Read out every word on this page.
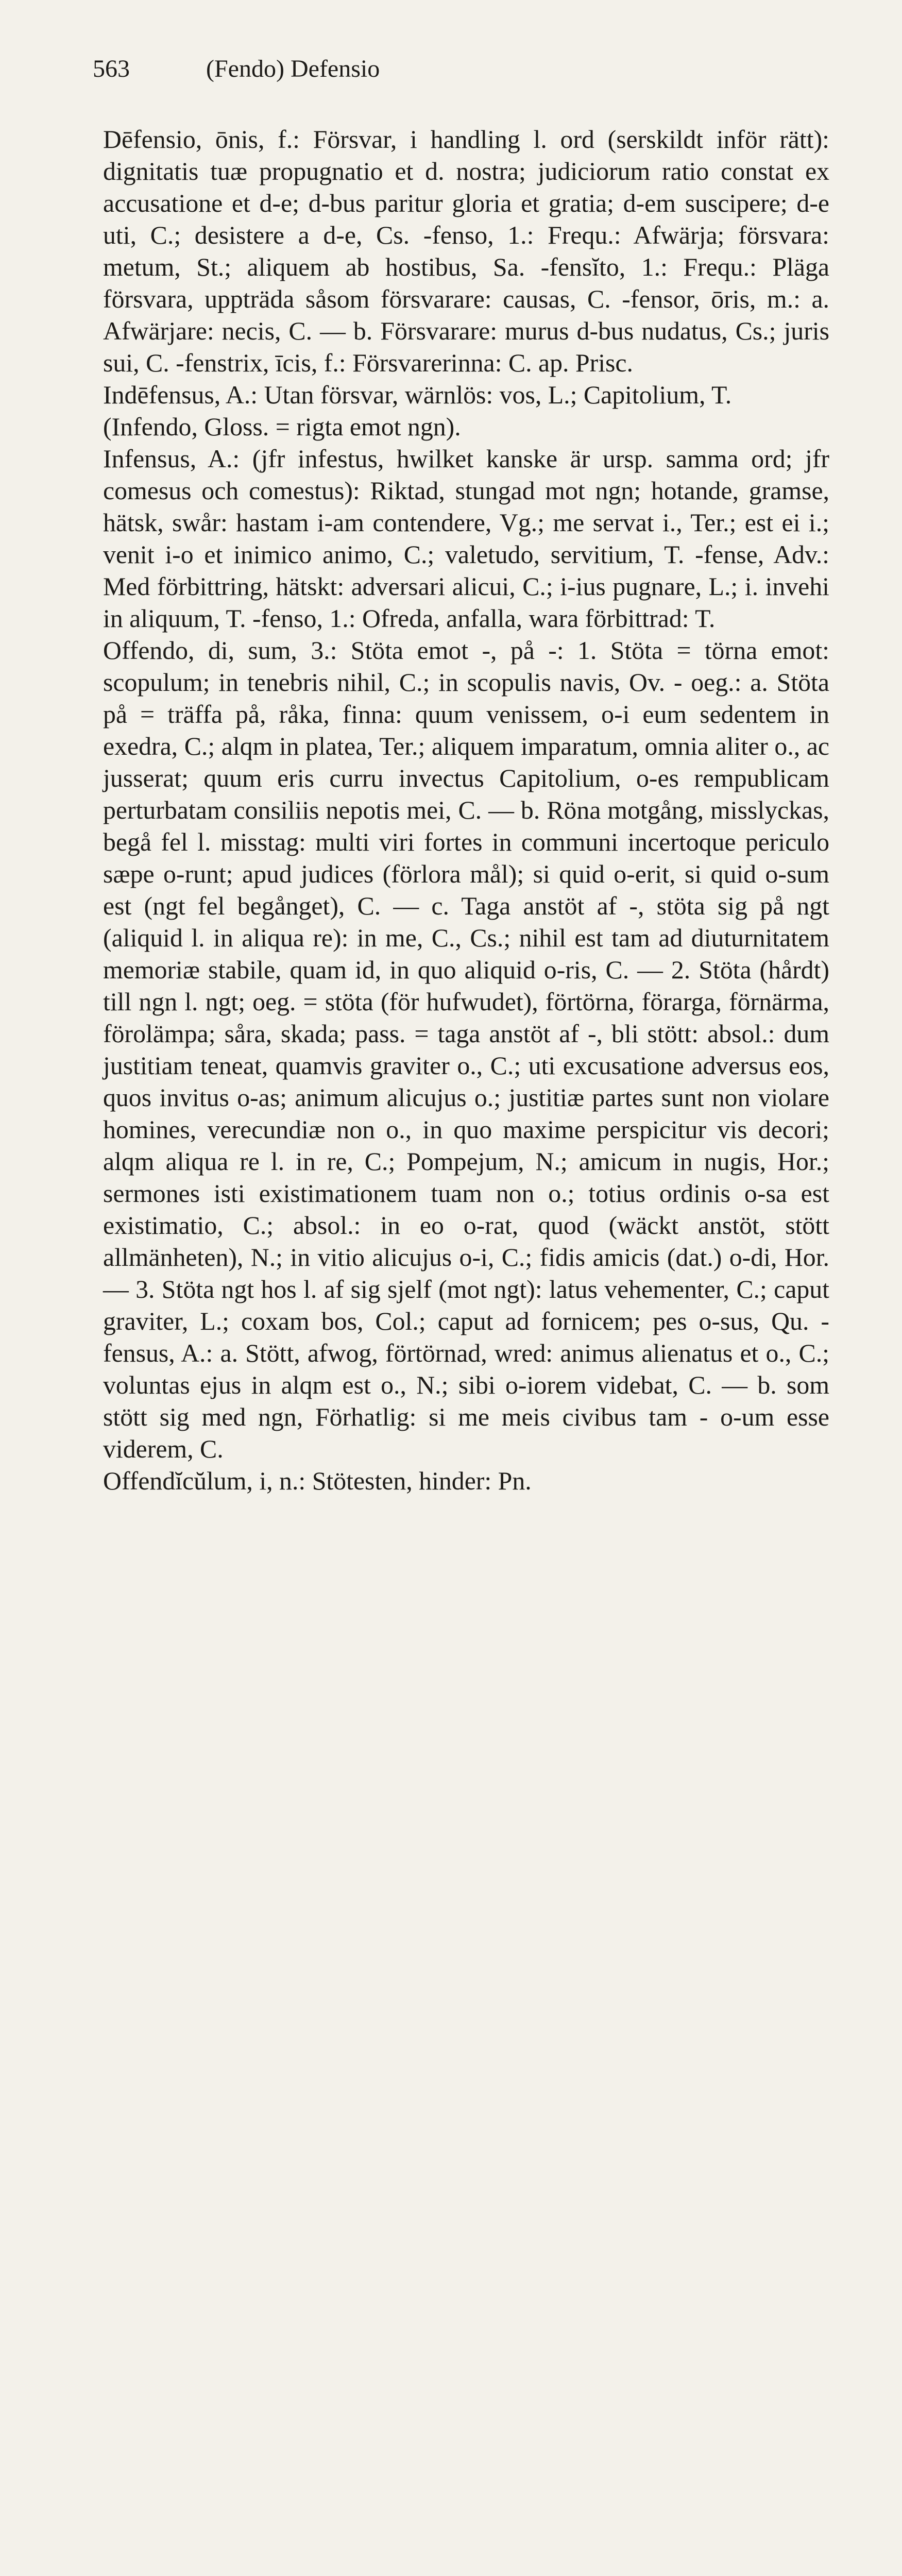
563	(Fendo) Defensio

Dēfensio, ōnis, f.: Försvar, i handling l. ord (serskildt inför rätt): dignitatis tuæ propugnatio et d. nostra; judiciorum ratio constat ex accusatione et d-e; d-bus paritur gloria et gratia; d-em suscipere; d-e uti, C.; desistere a d-e, Cs. -fenso, 1.: Frequ.: Afwärja; försvara: metum, St.; aliquem ab hostibus, Sa. -fensĭto, 1.: Frequ.: Pläga försvara, uppträda såsom försvarare: causas, C. -fensor, ōris, m.: a. Afwärjare: necis, C. — b. Försvarare: murus d-bus nudatus, Cs.; juris sui, C. -fenstrix, īcis, f.: Försvarerinna: C. ap. Prisc.

Indēfensus, A.: Utan försvar, wärnlös: vos, L.; Capitolium, T.

(Infendo, Gloss. = rigta emot ngn).

Infensus, A.: (jfr infestus, hwilket kanske är ursp. samma ord; jfr comesus och comestus): Riktad, stungad mot ngn; hotande, gramse, hätsk, swår: hastam i-am contendere, Vg.; me servat i., Ter.; est ei i.; venit i-o et inimico animo, C.; valetudo, servitium, T. -fense, Adv.: Med förbittring, hätskt: adversari alicui, C.; i-ius pugnare, L.; i. invehi in aliquum, T. -fenso, 1.: Ofreda, anfalla, wara förbittrad: T.

Offendo, di, sum, 3.: Stöta emot -, på -: 1. Stöta = törna emot: scopulum; in tenebris nihil, C.; in scopulis navis, Ov. - oeg.: a. Stöta på = träffa på, råka, finna: quum venissem, o-i eum sedentem in exedra, C.; alqm in platea, Ter.; aliquem imparatum, omnia aliter o., ac jusserat; quum eris curru invectus Capitolium, o-es rempublicam perturbatam consiliis nepotis mei, C. — b. Röna motgång, misslyckas, begå fel l. misstag: multi viri fortes in communi incertoque periculo sæpe o-runt; apud judices (förlora mål); si quid o-erit, si quid o-sum est (ngt fel begånget), C. — c. Taga anstöt af -, stöta sig på ngt (aliquid l. in aliqua re): in me, C., Cs.; nihil est tam ad diuturnitatem memoriæ stabile, quam id, in quo aliquid o-ris, C. — 2. Stöta (hårdt) till ngn l. ngt; oeg. = stöta (för hufwudet), förtörna, förarga, förnärma, förolämpa; såra, skada; pass. = taga anstöt af -, bli stött: absol.: dum justitiam teneat, quamvis graviter o., C.; uti excusatione adversus eos, quos invitus o-as; animum alicujus o.; justitiæ partes sunt non violare homines, verecundiæ non o., in quo maxime perspicitur vis decori; alqm aliqua re l. in re, C.; Pompejum, N.; amicum in nugis, Hor.; sermones isti existimationem tuam non o.; totius ordinis o-sa est existimatio, C.; absol.: in eo o-rat, quod (wäckt anstöt, stött allmänheten), N.; in vitio alicujus o-i, C.; fidis amicis (dat.) o-di, Hor. — 3. Stöta ngt hos l. af sig sjelf (mot ngt): latus vehementer, C.; caput graviter, L.; coxam bos, Col.; caput ad fornicem; pes o-sus, Qu. -fensus, A.: a. Stött, afwog, förtörnad, wred: animus alienatus et o., C.; voluntas ejus in alqm est o., N.; sibi o-iorem videbat, C. — b. som stött sig med ngn, Förhatlig: si me meis civibus tam - o-um esse viderem, C.

Offendĭcŭlum, i, n.: Stötesten, hinder: Pn.
